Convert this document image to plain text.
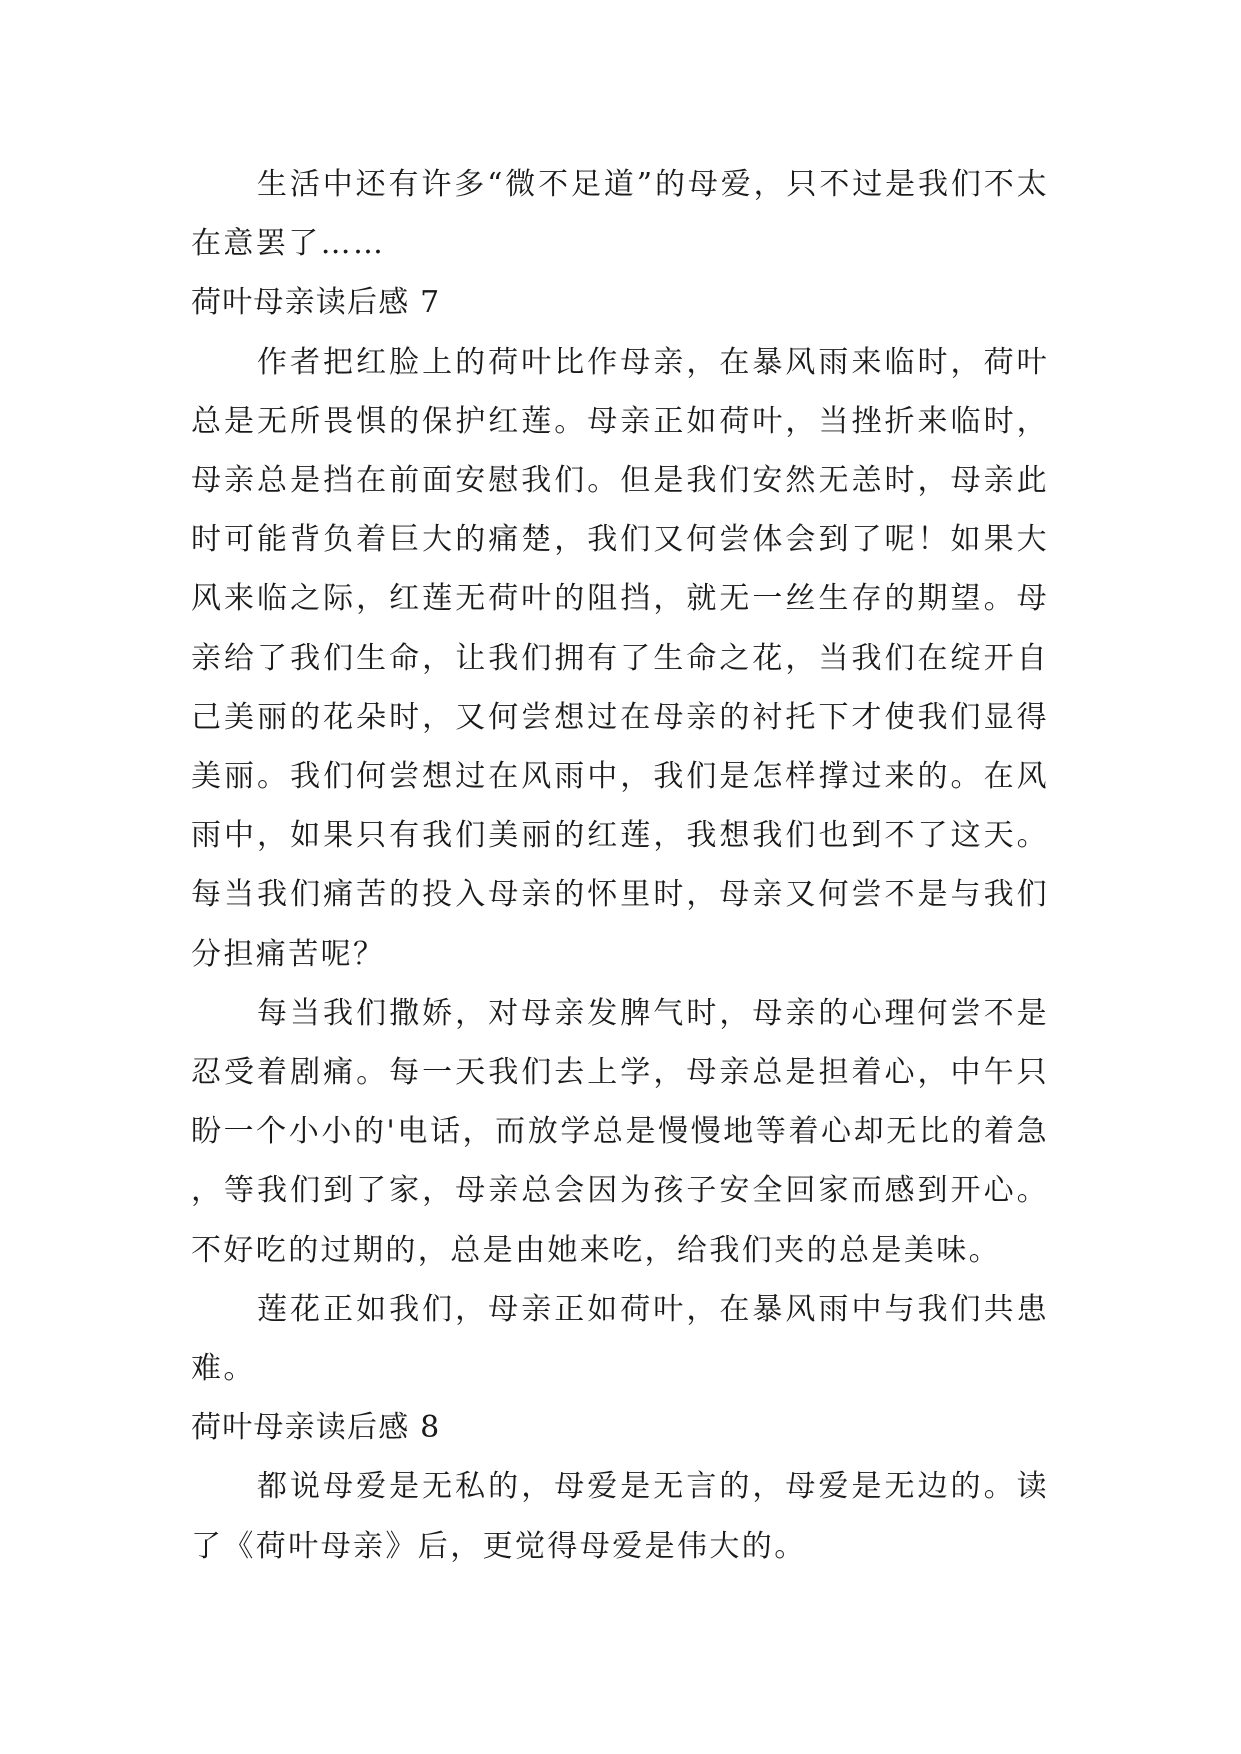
生活中还有许多“微不足道”的母爱，只不过是我们不太在意罢了……

荷叶母亲读后感 7

作者把红脸上的荷叶比作母亲，在暴风雨来临时，荷叶总是无所畏惧的保护红莲。母亲正如荷叶，当挫折来临时，母亲总是挡在前面安慰我们。但是我们安然无恙时，母亲此时可能背负着巨大的痛楚，我们又何尝体会到了呢！如果大风来临之际，红莲无荷叶的阻挡，就无一丝生存的期望。母亲给了我们生命，让我们拥有了生命之花，当我们在绽开自己美丽的花朵时，又何尝想过在母亲的衬托下才使我们显得美丽。我们何尝想过在风雨中，我们是怎样撑过来的。在风雨中，如果只有我们美丽的红莲，我想我们也到不了这天。每当我们痛苦的投入母亲的怀里时，母亲又何尝不是与我们分担痛苦呢？

每当我们撒娇，对母亲发脾气时，母亲的心理何尝不是忍受着剧痛。每一天我们去上学，母亲总是担着心，中午只盼一个小小的'电话，而放学总是慢慢地等着心却无比的着急，等我们到了家，母亲总会因为孩子安全回家而感到开心。不好吃的过期的，总是由她来吃，给我们夹的总是美味。

莲花正如我们，母亲正如荷叶，在暴风雨中与我们共患难。

荷叶母亲读后感 8

都说母爱是无私的，母爱是无言的，母爱是无边的。读了《荷叶母亲》后，更觉得母爱是伟大的。
